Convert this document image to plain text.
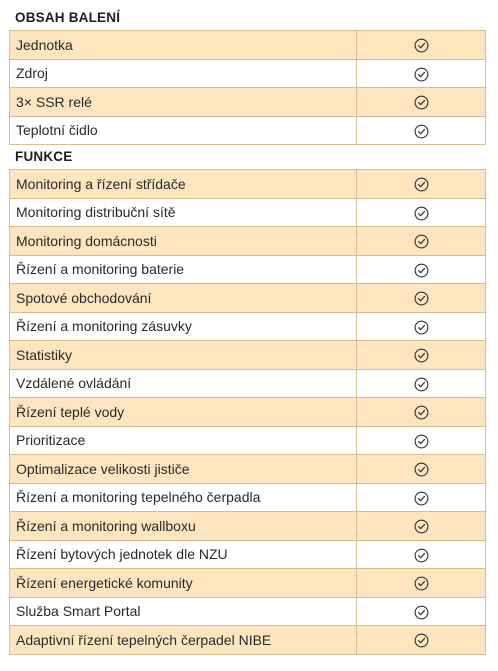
OBSAH BALENÍ
Jednotka	

Zdroj	

3× SSR relé	

Teplotní čidlo	
FUNKCE
Monitoring a řízení střídače	

Monitoring distribuční sítě	

Monitoring domácnosti	

Řízení a monitoring baterie	

Spotové obchodování	

Řízení a monitoring zásuvky	

Statistiky	

Vzdálené ovládání	

Řízení teplé vody	

Prioritizace	

Optimalizace velikosti jističe	

Řízení a monitoring tepelného čerpadla	

Řízení a monitoring wallboxu	

Řízení bytových jednotek dle NZU	

Řízení energetické komunity	

Služba Smart Portal	

Adaptivní řízení tepelných čerpadel NIBE	
